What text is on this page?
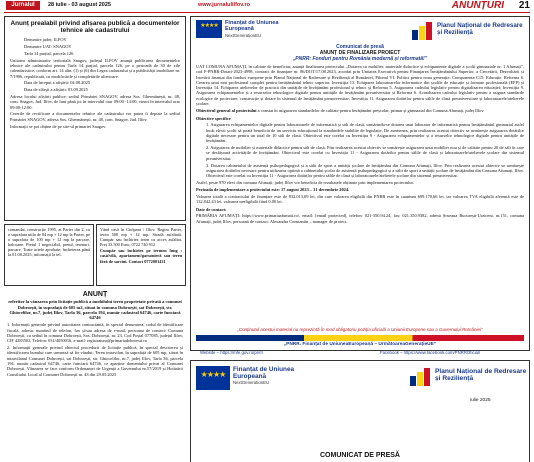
Jurnalul	28 iulie - 03 august 2025	www.jurnalulilfov.ro	ANUNȚURI 21
Anunț prealabil privind afișarea publică a documentelor tehnice ale cadastrului
Denumire județ: ILFOV
Denumire UAT: SNAGOV
Tarla 14 parțial, parcela 126
Unitatea administrativ teritorială Snagov, județul ILFOV anunță publicarea documentelor tehnice ale cadastrului pentru Tarla 14 parțial, parcela 126, pe o perioadă de 30 de zile calendaristice, conform art. 14 alin. (1) și (6) din Legea cadastrului și a publicității imobiliare nr. 7/1996, republicată, cu modificările și completările ulterioare.
Data de început a afișării: 04.08.2025
Data de sfârșit a afișării: 03.09.2025
Adresa locului afișării publice: sediul Primăriei SNAGOV, adresa Sos. Ghermănești, nr. 48, com. Snagov, Jud. Ilfov, de luni până joi în intervalul orar 09:00 -14:00, vineri în intervalul orar 09:00-12:00.
Cererile de rectificare a documentelor tehnice ale cadastrului vor putea fi depuse la sediul Primăriei SNAGOV, adresa Sos. Ghermănești, nr. 48, com. Snagov, Jud. Ilfov.
Informații se pot obține de pe site-ul primariei Snagov.
comandat, construcție 1995, at Parter din 2, cu o suprafata utila de 84 mp + 12 mp la Parter, pe o suprafata de 100 mp + 12 mp la parcare, balcoane. Pretul 1 negociabil, pretul, terenuri, parcare. Toate actele aprobate; încheierea până la 01.08.2025; informații la tel.
Vând casă în Ciolpani / Ilfov. Regim Parter, teren 500 mp + 12 mp. Stradă asfaltată. Cumpăr sau închiriez teren cu acces asfaltat. Preț 33.500 Euro; 0722 740 912
Cumpăr sau închiriez pe termen lung : casă/vilă, apartament/garsonieră sau teren fără de sarcini. Contact 0772001431
ANUNȚ
referitor la vânzarea prin licitație publică a imobilului teren proprietate privată a comunei Dobroești, în suprafață de 605 m2, situat în comuna Dobroești, sat Dobroești, str. Ghiocelilor, nr.7, județ Ilfov, Tarla 36, parcela 194, număr cadastral 64746, carte funciară 64746
1. Informații generale privind autoritatea contractantă, în special denumirea, codul de identificare fiscală, adresa, numărul de telefon, fax și/sau adresa de e-mail, persoana de contact: Comuna Dobroești, cu sediul în comuna Dobroești, Sos. Dobroești, nr. 23, Cod Poștal 077085, județul Ilfov, CIF 4283503, Telefon: 031/4050016, e-mail: registratura@primariadobroesti.ro
2. Informații generale privind obiectul procedurii de licitație publică, în special descrierea și identificarea bunului care urmează să fie vândut: Teren intravilan, în suprafață de 605 mp, situat în intravilanul Comunei Dobroești, sat Dobroești, str. Ghiocelilor, nr.7, județ Ilfov, Tarla 36, parcela 194, număr cadastral 64746, carte funciară 64746, ce aparține domeniului privat al Comunei Dobroești. Vânzarea se face conform Ordonanței de Urgență a Guvernului nr.57/2019 și Hotărârii Consiliului Local al Comunei Dobroești nr. 43 din 29.05.2025
★★★★	Finanțat de Uniunea Europeană
NextGenerationEU
Planul Național de Redresare și Reziliență
Comunicat de presă
ANUNȚ DE FINALIZARE PROIECT
„PNRR: Fonduri pentru România modernă și reformată!”
UAT COMUNA AFUMAȚI, în calitate de beneficiar, anunță finalizarea proiectului „Dotarea cu mobilier, materiale didactice și echipamente digitale a școlii gimnaziale nr. 1 Afumați”, cod F-PNRR-Dotari-2023-4998, contract de finanțare nr. 86/DOT/17.08.2023, acordat prin Unitatea Executivă pentru Finanțarea Învățământului Superior, a Cercetării, Dezvoltării și Inovării finanțat din fonduri europene prin Planul Național de Redresare și Reziliență al României, Pilonul VI. Politici pentru noua generație: Componenta C15: Educație. Reforma 6. Crearea unui nou profesional complet pentru învățământul tehnic superior. Investiția 13. Echiparea laboratoarelor informatice din școlile de educație și formare profesională (EFP) și Investiția 14. Echiparea atelierelor de practică din unitățile de învățământ profesional și tehnic și Reforma 5. Asigurarea cadrului legislativ pentru digitalizarea educației; Investiția 9. Asigurarea echipamentelor și a resurselor tehnologice digitale pentru unitățile de învățământ preuniversitar și Reforma 6. Actualizarea cadrului legislativ pentru a asigura standarde ecologice de proiectare, construcție și dotare în sistemul de învățământ preuniversitar; Investiția 11. Asigurarea dotărilor pentru sălile de clasă preuniversitare și laboratoarele/atelierele școlare.
Obiectivul general al proiectului a constat în asigurarea standardelor de calitate pentru învățământ preșcolar, primar și gimnazial din Comuna Afumați, județ Ilfov.
Obiective specifice
1. Asigurarea echipamentelor digitale pentru laboratoarele de informatică și săli de clasă, urmărindu-se dotarea unui laborator de informatică pentru învățământul gimnazial astfel încât elevii școlii să poată beneficia de un serviciu educațional la standardele stabilite de legislație. De asemenea, prin realizarea acestui obiectiv se urmărește asigurarea dotărilor digitale necesare pentru un total de 10 săli de clasă. Obiectivul este corelat cu Investiția 9 - Asigurarea echipamentelor și a resurselor tehnologice digitale pentru unitățile de învățământ.
2. Asigurarea de mobilier și materiale didactice pentru săli de clasă. Prin realizarea acestui obiectiv se urmărește asigurarea unui mobilier nou și de calitate pentru 20 de săli în care se desfășoară activitățile de învățământ. Obiectivul este corelat cu Investiția 11 - Asigurarea dotărilor pentru sălile de clasă și laboratoarele/atelierele școlare din sistemul preuniversitar.
3. Dotarea cabinetului de asistență psihopedagogică și a sălii de sport a unității școlare de învățământ din Comuna Afumați, Ilfov. Prin realizarea acestui obiectiv se urmărește asigurarea dotărilor necesare pentru utilizarea optimă a cabinetului școlar de asistență psihopedagogică și a sălii de sport a unității școlare de învățământ din Comuna Afumați, Ilfov. Obiectivul este corelat cu Investiția 11 - Asigurarea dotărilor pentru sălile de clasă și laboratoarele/atelierele școlare din sistemul preuniversitar.
Astfel, peste 970 elevi din comuna Afumați, județ Ilfov vor beneficia de rezultatele obținute prin implementarea proiectului.
Perioada de implementare a proiectului este: 17 august 2023 – 31 decembrie 2024.
Valoarea totală a contractului de finanțare este de 832.013,09 lei, din care valoarea eligibilă din PNRR este în cuantum 699.170,66 lei, iar valoarea TVA eligibilă aferentă este de 132.842,43 lei, valoarea neeligibilă fiind 0,00 lei.
Date de contact:
PRIMĂRIA AFUMAȚI: https://www.primariaafumati.ro/, email: [email protected], telefon: 021-350.94.24, fax: 021.350.9382, adresă Șoseaua București-Urziceni, nr.151, comuna Afumați, județ Ilfov, persoană de contact: Alexandra Constantin – manager de proiect.
„Conținutul acestui material nu reprezintă în mod obligatoriu poziția oficială a Uniunii Europene sau a Guvernului României”
„PNRR. Finanțat de UniuneaEuropeană – UrmătoareaGenerațieUE”
Website – https://mfe.gov.ro/pnrr/	Facebook – https://www.facebook.com/PNRROficial/
★★★★
Finanțat de Uniunea Europeană
NextGenerationEU
Planul Național de Redresare și Reziliență
iulie 2025
COMUNICAT DE PRESĂ
